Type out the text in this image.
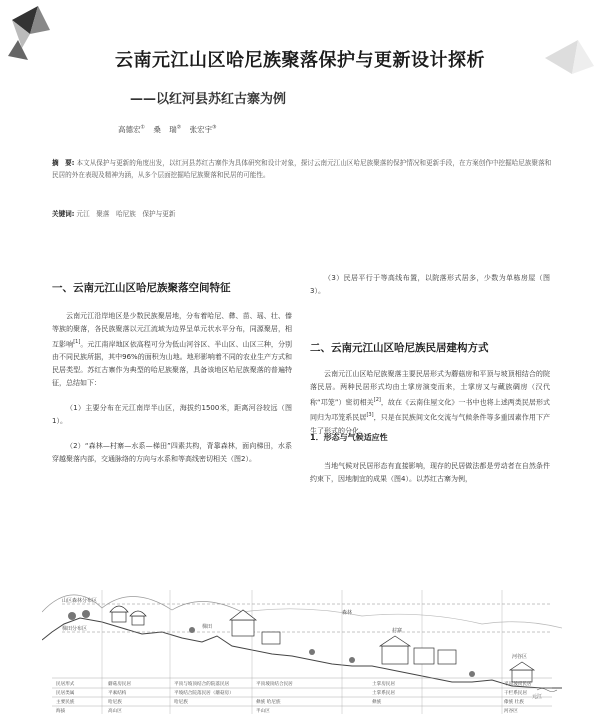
云南元江山区哈尼族聚落保护与更新设计探析
——以红河县苏红古寨为例
高德宏① 桑 瑞② 张宏宇③
摘　要: 本文从保护与更新的角度出发，以红河县苏红古寨作为具体研究和设计对象，探讨云南元江山区哈尼族聚落的保护情况和更新手段，在方案创作中挖掘哈尼族聚落和民居的外在表现及精神为涵，从多个层面挖掘哈尼族聚落和民居的可能性。
关键词: 元江　聚落　哈尼族　保护与更新
一、云南元江山区哈尼族聚落空间特征
云南元江沿岸地区是少数民族聚居地，分布着哈尼、彝、苗、瑶、壮、傣等族的聚落，各民族聚落以元江流域为边界呈单元状水平分布，同源聚居，相互影响[1]。元江南岸地区依高程可分为低山河谷区、半山区、山区三种，分别由不同民族所据，其中96%的面积为山地。地形影响着不同的农业生产方式和民居类型。苏红古寨作为典型的哈尼族聚落，具备该地区哈尼族聚落的普遍特征，总结如下：
（1）主要分布在元江南岸半山区，海拔约1500米，距离河谷较远（图1）。
（2）“森林—村寨—水系—梯田”四素共构，背靠森林，面向梯田，水系穿越聚落内部，交通脉络的方向与水系和等高线密切相关（图2）。
（3）民居平行于等高线布置，以院落形式居多，少数为单栋房屋（图3）。
二、云南元江山区哈尼族民居建构方式
云南元江山区哈尼族聚落主要民居形式为蘑菇房和平顶与坡顶相结合的院落民居。两种民居形式均由土掌房演变而来，土掌房又与藏族碉房（汉代称“邛笼”）密切相关[2]，故在《云南住屋文化》一书中也将上述两类民居形式同归为邛笼系民居[3]，只是在民族间文化交流与气候条件等多重因素作用下产生了形式的分化。
1．形态与气候适应性
当地气候对民居形态有直接影响，现存的民居做法都是劳动者在自然条件约束下，因地制宜的成果（图4）。以苏红古寨为例，
山区森林分布区
梯田分布区	梯田
村寨
森林
元江
河谷区
民居形式	蘑菇房民居	平顶与坡顶结合的院落民居	平顶坡顶结合民居	土掌房民居	平顶坡顶民居
民居类属	平素结构	平坡结合院落民居（蘑菇房）	土掌系民居	干栏系民居
主要民族	哈尼族	哈尼族	彝族 哈尼族	彝族	傣族 壮族
海拔	高山区	半山区	河谷区
